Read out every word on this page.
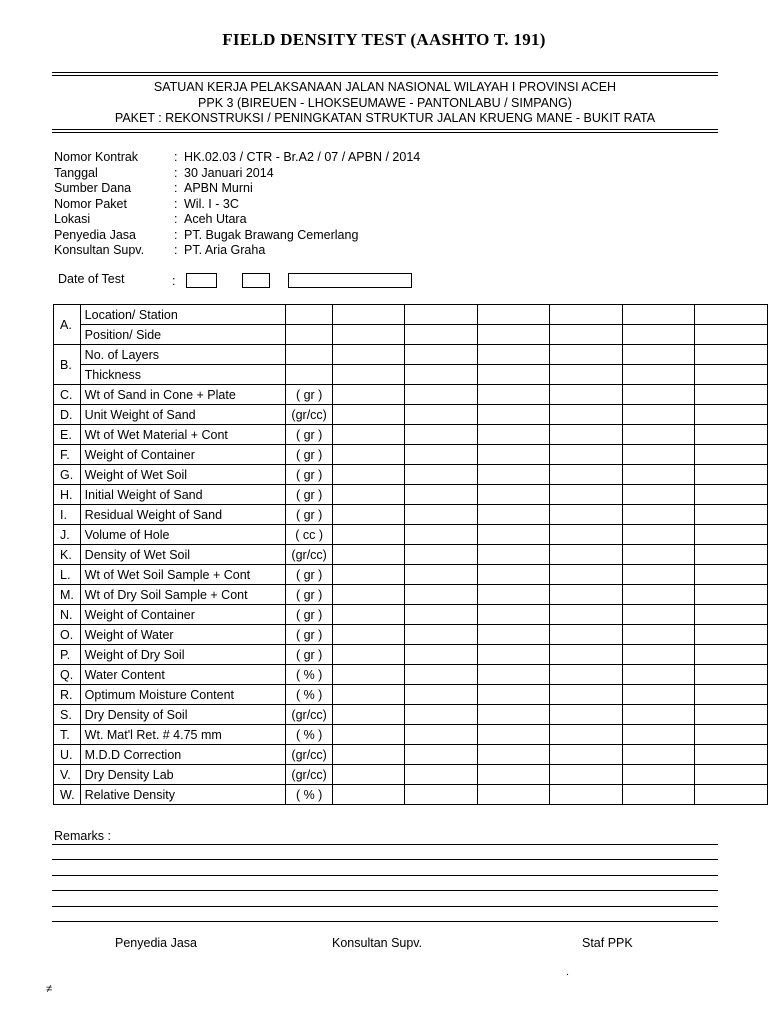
FIELD DENSITY TEST (AASHTO T. 191)
SATUAN KERJA PELAKSANAAN JALAN NASIONAL WILAYAH I PROVINSI ACEH
PPK 3 (BIREUEN - LHOKSEUMAWE - PANTONLABU / SIMPANG)
PAKET : REKONSTRUKSI / PENINGKATAN STRUKTUR JALAN KRUENG MANE - BUKIT RATA
Nomor Kontrak	: HK.02.03 / CTR - Br.A2 / 07 / APBN / 2014
Tanggal	: 30 Januari 2014
Sumber Dana	: APBN Murni
Nomor Paket	: Wil. I - 3C
Lokasi	: Aceh Utara
Penyedia Jasa	: PT. Bugak Brawang Cemerlang
Konsultan Supv.	: PT. Aria Graha
Date of Test	:
A.	Location/ Station							
	Position/ Side							
B.	No. of Layers							
	Thickness							
C.	Wt of Sand in Cone + Plate	( gr )						
D.	Unit Weight of Sand	(gr/cc)						
E.	Wt of Wet Material + Cont	( gr )						
F.	Weight of Container	( gr )						
G.	Weight of Wet Soil	( gr )						
H.	Initial Weight of Sand	( gr )						
I.	Residual Weight of Sand	( gr )						
J.	Volume of Hole	( cc )						
K.	Density of Wet Soil	(gr/cc)						
L.	Wt of Wet Soil Sample + Cont	( gr )						
M.	Wt of Dry Soil Sample + Cont	( gr )						
N.	Weight of Container	( gr )						
O.	Weight of Water	( gr )						
P.	Weight of Dry Soil	( gr )						
Q.	Water Content	( % )						
R.	Optimum Moisture Content	( % )						
S.	Dry Density of Soil	(gr/cc)						
T.	Wt. Mat'l Ret. # 4.75 mm	( % )						
U.	M.D.D Correction	(gr/cc)						
V.	Dry Density Lab	(gr/cc)						
W.	Relative Density	( % )						
Remarks :
Penyedia Jasa	Konsultan Supv.	Staf PPK
≠
.
